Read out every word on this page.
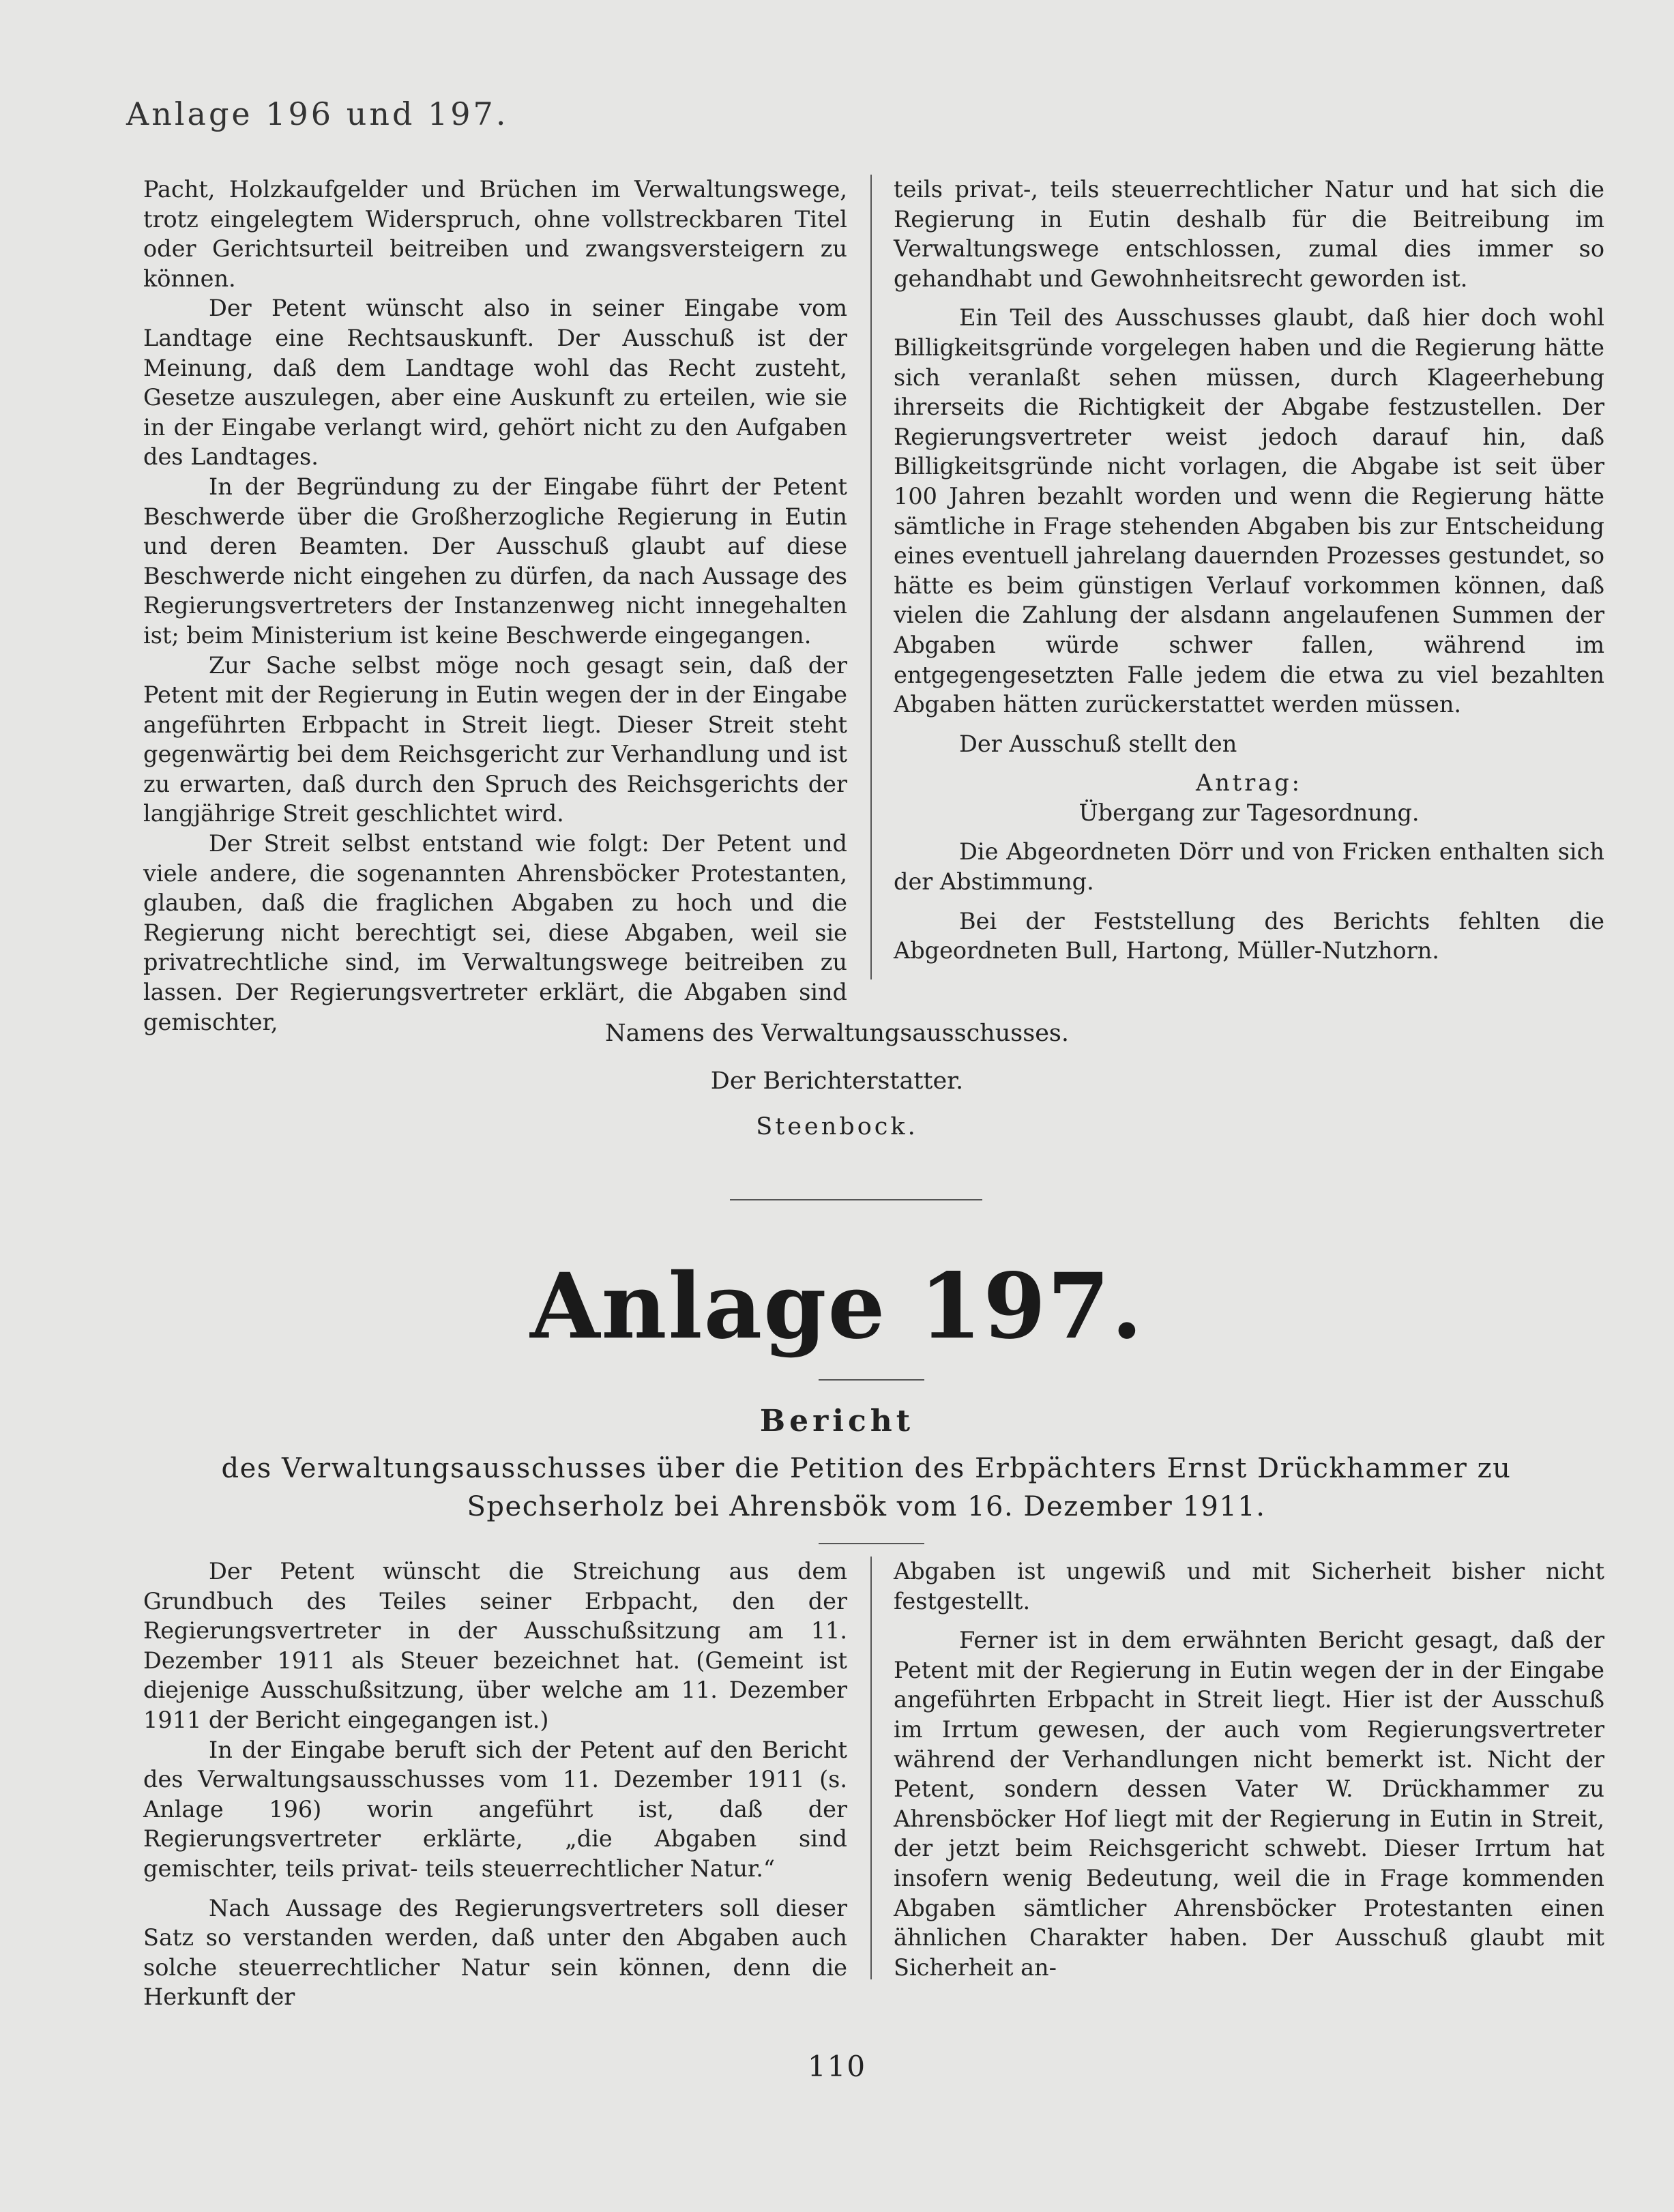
Anlage 196 und 197.

Pacht, Holzkaufgelder und Brüchen im Verwaltungswege, trotz eingelegtem Widerspruch, ohne vollstreckbaren Titel oder Gerichtsurteil beitreiben und zwangsversteigern zu können.

Der Petent wünscht also in seiner Eingabe vom Landtage eine Rechtsauskunft. Der Ausschuß ist der Meinung, daß dem Landtage wohl das Recht zusteht, Gesetze auszulegen, aber eine Auskunft zu erteilen, wie sie in der Eingabe verlangt wird, gehört nicht zu den Aufgaben des Landtages.

In der Begründung zu der Eingabe führt der Petent Beschwerde über die Großherzogliche Regierung in Eutin und deren Beamten. Der Ausschuß glaubt auf diese Beschwerde nicht eingehen zu dürfen, da nach Aussage des Regierungsvertreters der Instanzenweg nicht innegehalten ist; beim Ministerium ist keine Beschwerde eingegangen.

Zur Sache selbst möge noch gesagt sein, daß der Petent mit der Regierung in Eutin wegen der in der Eingabe angeführten Erbpacht in Streit liegt. Dieser Streit steht gegenwärtig bei dem Reichsgericht zur Verhandlung und ist zu erwarten, daß durch den Spruch des Reichsgerichts der langjährige Streit geschlichtet wird.

Der Streit selbst entstand wie folgt: Der Petent und viele andere, die sogenannten Ahrensböcker Protestanten, glauben, daß die fraglichen Abgaben zu hoch und die Regierung nicht berechtigt sei, diese Abgaben, weil sie privatrechtliche sind, im Verwaltungswege beitreiben zu lassen. Der Regierungsvertreter erklärt, die Abgaben sind gemischter,

teils privat-, teils steuerrechtlicher Natur und hat sich die Regierung in Eutin deshalb für die Beitreibung im Verwaltungswege entschlossen, zumal dies immer so gehandhabt und Gewohnheitsrecht geworden ist.

Ein Teil des Ausschusses glaubt, daß hier doch wohl Billigkeitsgründe vorgelegen haben und die Regierung hätte sich veranlaßt sehen müssen, durch Klageerhebung ihrerseits die Richtigkeit der Abgabe festzustellen. Der Regierungsvertreter weist jedoch darauf hin, daß Billigkeitsgründe nicht vorlagen, die Abgabe ist seit über 100 Jahren bezahlt worden und wenn die Regierung hätte sämtliche in Frage stehenden Abgaben bis zur Entscheidung eines eventuell jahrelang dauernden Prozesses gestundet, so hätte es beim günstigen Verlauf vorkommen können, daß vielen die Zahlung der alsdann angelaufenen Summen der Abgaben würde schwer fallen, während im entgegengesetzten Falle jedem die etwa zu viel bezahlten Abgaben hätten zurückerstattet werden müssen.

Der Ausschuß stellt den

Antrag:

Übergang zur Tagesordnung.

Die Abgeordneten Dörr und von Fricken enthalten sich der Abstimmung.

Bei der Feststellung des Berichts fehlten die Abgeordneten Bull, Hartong, Müller-Nutzhorn.

Namens des Verwaltungsausschusses.
Der Berichterstatter.
Steenbock.
Anlage 197.
Bericht
des Verwaltungsausschusses über die Petition des Erbpächters Ernst Drückhammer zu Spechserholz bei Ahrensbök vom 16. Dezember 1911.

Der Petent wünscht die Streichung aus dem Grundbuch des Teiles seiner Erbpacht, den der Regierungsvertreter in der Ausschußsitzung am 11. Dezember 1911 als Steuer bezeichnet hat. (Gemeint ist diejenige Ausschußsitzung, über welche am 11. Dezember 1911 der Bericht eingegangen ist.)

In der Eingabe beruft sich der Petent auf den Bericht des Verwaltungsausschusses vom 11. Dezember 1911 (s. Anlage 196) worin angeführt ist, daß der Regierungsvertreter erklärte, „die Abgaben sind gemischter, teils privat- teils steuerrechtlicher Natur.“

Nach Aussage des Regierungsvertreters soll dieser Satz so verstanden werden, daß unter den Abgaben auch solche steuerrechtlicher Natur sein können, denn die Herkunft der

Abgaben ist ungewiß und mit Sicherheit bisher nicht festgestellt.

Ferner ist in dem erwähnten Bericht gesagt, daß der Petent mit der Regierung in Eutin wegen der in der Eingabe angeführten Erbpacht in Streit liegt. Hier ist der Ausschuß im Irrtum gewesen, der auch vom Regierungsvertreter während der Verhandlungen nicht bemerkt ist. Nicht der Petent, sondern dessen Vater W. Drückhammer zu Ahrensböcker Hof liegt mit der Regierung in Eutin in Streit, der jetzt beim Reichsgericht schwebt. Dieser Irrtum hat insofern wenig Bedeutung, weil die in Frage kommenden Abgaben sämtlicher Ahrensböcker Protestanten einen ähnlichen Charakter haben. Der Ausschuß glaubt mit Sicherheit an-

110
